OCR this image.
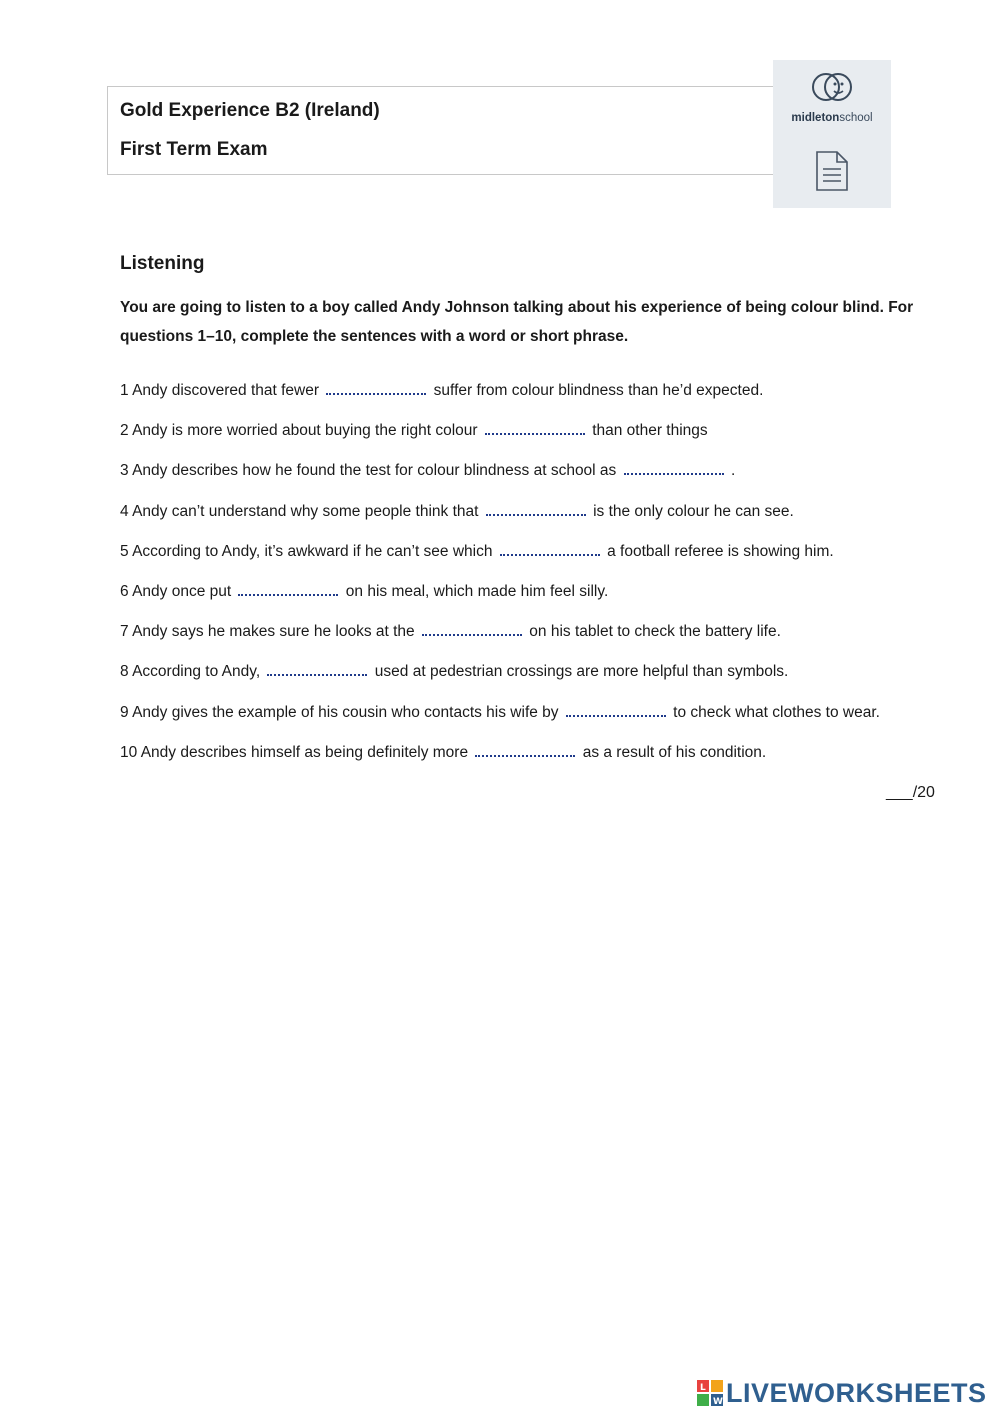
Gold Experience B2 (Ireland)
First Term Exam
midletonschool
Listening
You are going to listen to a boy called Andy Johnson talking about his experience of being colour blind. For questions 1–10, complete the sentences with a word or short phrase.
1 Andy discovered that fewer	suffer from colour blindness than he’d expected.
2 Andy is more worried about buying the right colour	than other things
3 Andy describes how he found the test for colour blindness at school as	.
4 Andy can’t understand why some people think that	is the only colour he can see.
5 According to Andy, it’s awkward if he can’t see which	a football referee is showing him.
6 Andy once put	on his meal, which made him feel silly.
7 Andy says he makes sure he looks at the	on his tablet to check the battery life.
8 According to Andy,	used at pedestrian crossings are more helpful than symbols.
9 Andy gives the example of his cousin who contacts his wife by	to check what clothes to wear.
10 Andy describes himself as being definitely more	as a result of his condition.
___/20
L
W LIVEWORKSHEETS
